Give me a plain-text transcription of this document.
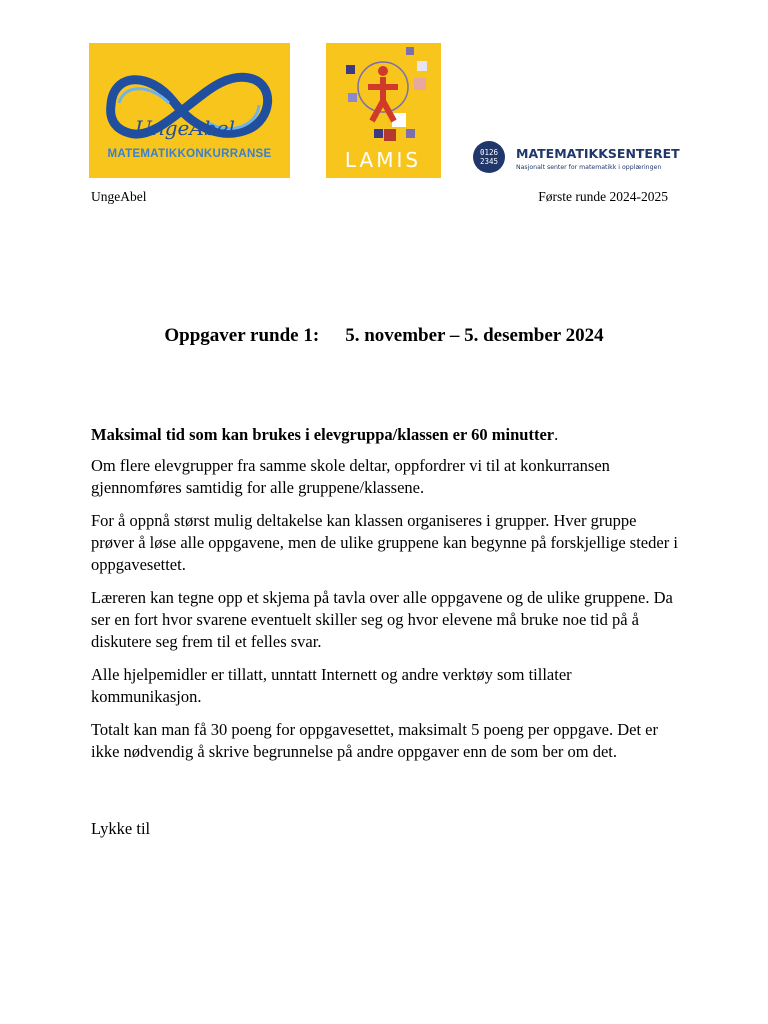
UngeAbel
MATEMATIKKONKURRANSE	LAMIS	0126
2345
MATEMATIKKSENTERET
Nasjonalt senter for matematikk i opplæringen
UngeAbel	Første runde 2024-2025
Oppgaver runde 1: 5. november – 5. desember 2024
Maksimal tid som kan brukes i elevgruppa/klassen er 60 minutter.
Om flere elevgrupper fra samme skole deltar, oppfordrer vi til at konkurransen gjennomføres samtidig for alle gruppene/klassene.
For å oppnå størst mulig deltakelse kan klassen organiseres i grupper. Hver gruppe prøver å løse alle oppgavene, men de ulike gruppene kan begynne på forskjellige steder i oppgavesettet.
Læreren kan tegne opp et skjema på tavla over alle oppgavene og de ulike gruppene. Da ser en fort hvor svarene eventuelt skiller seg og hvor elevene må bruke noe tid på å diskutere seg frem til et felles svar.
Alle hjelpemidler er tillatt, unntatt Internett og andre verktøy som tillater kommunikasjon.
Totalt kan man få 30 poeng for oppgavesettet, maksimalt 5 poeng per oppgave. Det er ikke nødvendig å skrive begrunnelse på andre oppgaver enn de som ber om det.
Lykke til
